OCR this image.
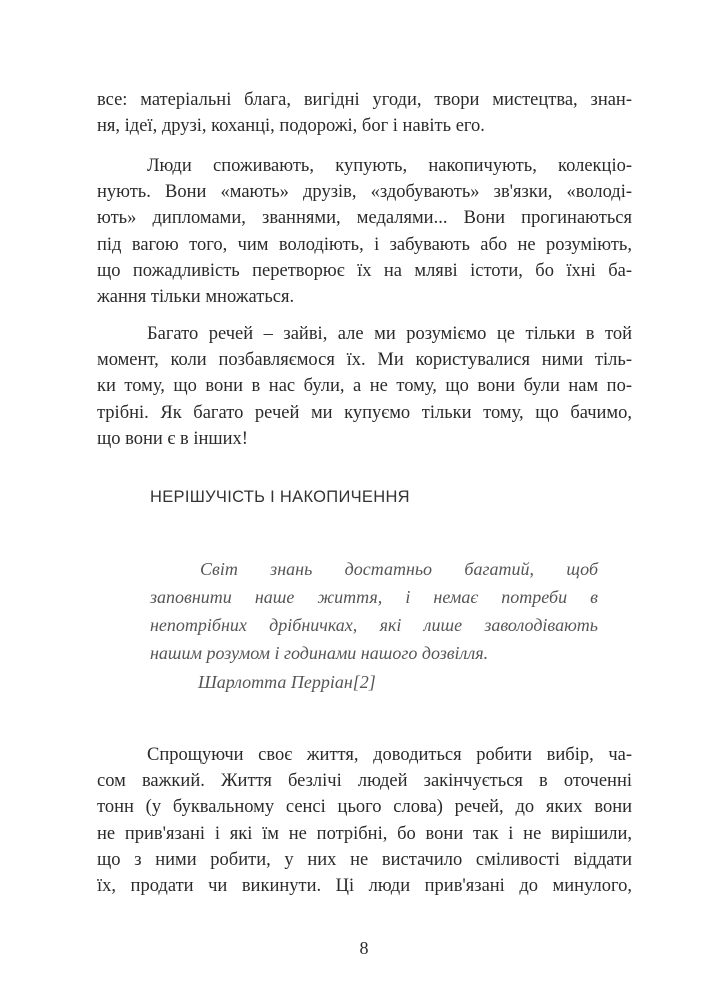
все: матеріальні блага, вигідні угоди, твори мистецтва, знан-
ня, ідеї, друзі, коханці, подорожі, бог і навіть его.
Люди споживають, купують, накопичують, колекціо-
нують. Вони «мають» друзів, «здобувають» зв'язки, «володі-
ють» дипломами, званнями, медалями... Вони прогинаються
під вагою того, чим володіють, і забувають або не розуміють,
що пожадливість перетворює їх на мляві істоти, бо їхні ба-
жання тільки множаться.
Багато речей – зайві, але ми розуміємо це тільки в той
момент, коли позбавляємося їх. Ми користувалися ними тіль-
ки тому, що вони в нас були, а не тому, що вони були нам по-
трібні. Як багато речей ми купуємо тільки тому, що бачимо,
що вони є в інших!
НЕРІШУЧІСТЬ І НАКОПИЧЕННЯ
Світ знань достатньо багатий, щоб
заповнити наше життя, і немає потреби в
непотрібних дрібничках, які лише заволодівають
нашим розумом і годинами нашого дозвілля.
Шарлотта Перріан[2]
Спрощуючи своє життя, доводиться робити вибір, ча-
сом важкий. Життя безлічі людей закінчується в оточенні
тонн (у буквальному сенсі цього слова) речей, до яких вони
не прив'язані і які їм не потрібні, бо вони так і не вирішили,
що з ними робити, у них не вистачило сміливості віддати
їх, продати чи викинути. Ці люди прив'язані до минулого,
8
